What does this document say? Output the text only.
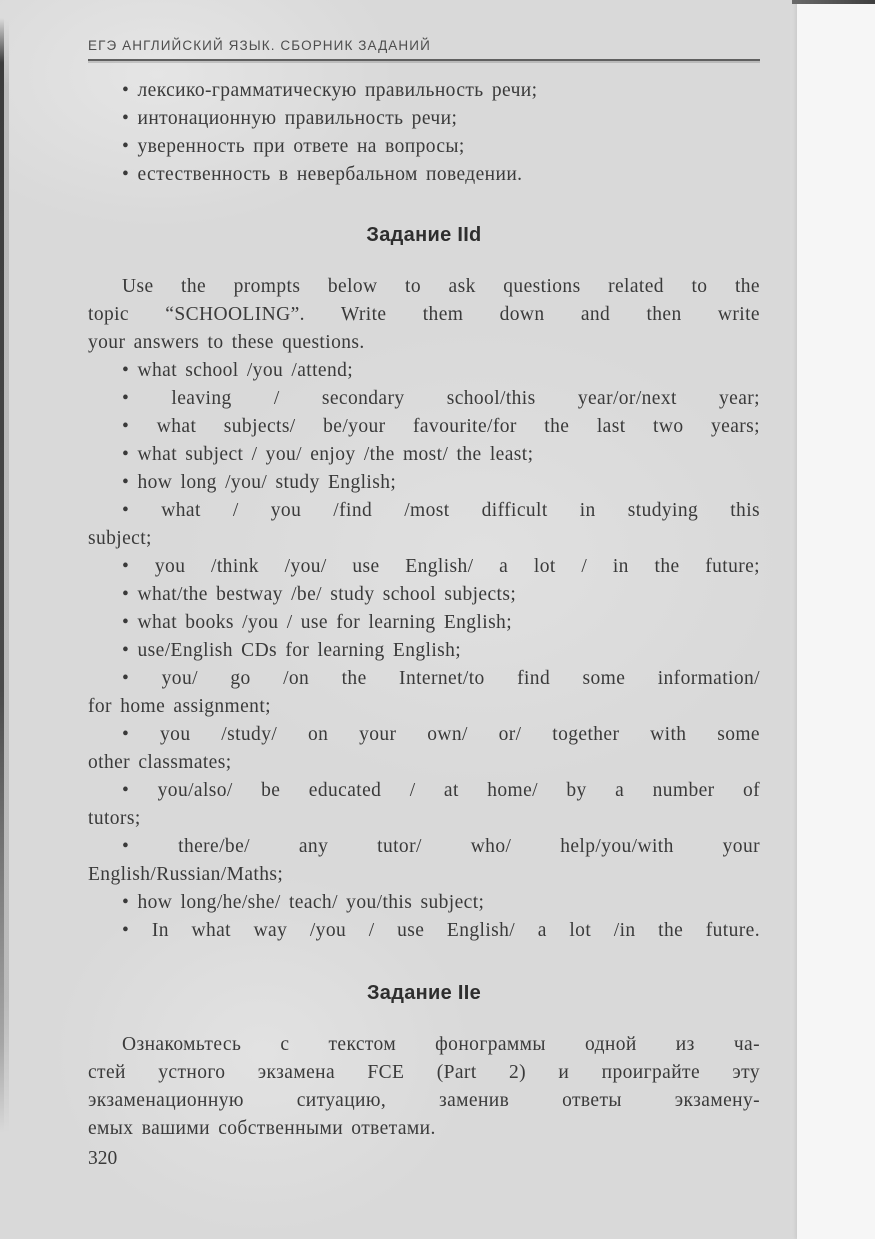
ЕГЭ АНГЛИЙСКИЙ ЯЗЫК. СБОРНИК ЗАДАНИЙ
• лексико-грамматическую правильность речи;
• интонационную правильность речи;
• уверенность при ответе на вопросы;
• естественность в невербальном поведении.
Задание IId
Use the prompts below to ask questions related to the
topic “SCHOOLING”. Write them down and then write
your answers to these questions.
• what school /you /attend;
• leaving / secondary school/this year/or/next year;
• what subjects/ be/your favourite/for the last two years;
• what subject / you/ enjoy /the most/ the least;
• how long /you/ study English;
• what / you /find /most difficult in studying this
subject;
• you /think /you/ use English/ a lot / in the future;
• what/the bestway /be/ study school subjects;
• what books /you / use for learning English;
• use/English CDs for learning English;
• you/ go /on the Internet/to find some information/
for home assignment;
• you /study/ on your own/ or/ together with some
other classmates;
• you/also/ be educated / at home/ by a number of
tutors;
• there/be/ any tutor/ who/ help/you/with your
English/Russian/Maths;
• how long/he/she/ teach/ you/this subject;
• In what way /you / use English/ a lot /in the future.
Задание IIe
Ознакомьтесь с текстом фонограммы одной из ча-
стей устного экзамена FCE (Part 2) и проиграйте эту
экзаменационную ситуацию, заменив ответы экзамену-
емых вашими собственными ответами.
320
